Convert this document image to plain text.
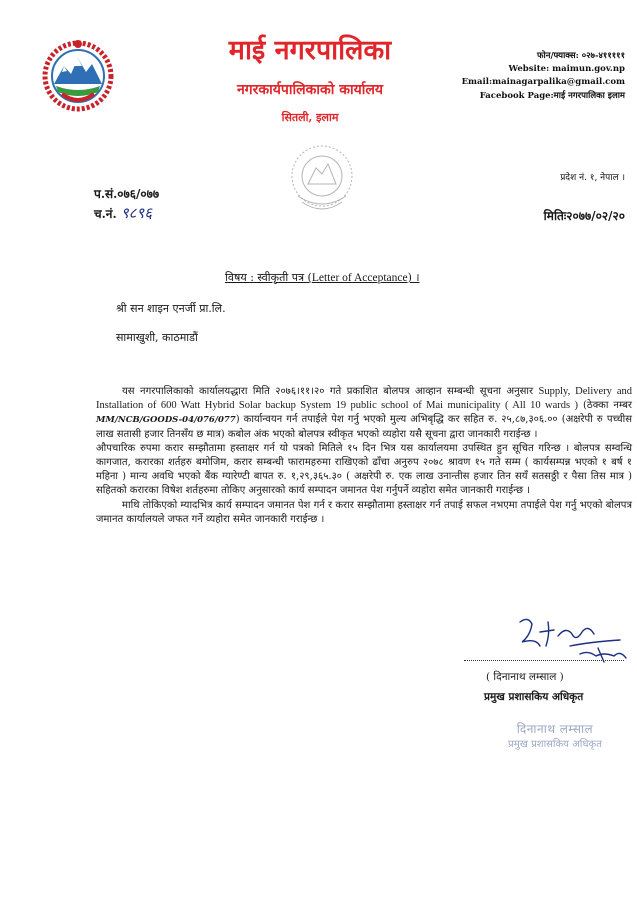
माई नगरपालिका
नगरकार्यपालिकाको कार्यालय
सितली, इलाम
फोन/फ्याक्स: ०२७-४१११११
Website: maimun.gov.np
Email:mainagarpalika@gmail.com
Facebook Page:माई नगरपालिका इलाम
प्रदेश नं. १, नेपाल ।
प.सं.०७६/०७७
च.नं. ९८९६	मितिः२०७७/०२/२०
विषय : स्वीकृती पत्र (Letter of Acceptance) ।
श्री सन शाइन एनर्जी प्रा.लि.
सामाखुशी, काठमाडौं

यस नगरपालिकाको कार्यालयद्धारा मिति २०७६।११।२० गते प्रकाशित बोलपत्र आव्हान सम्बन्धी सूचना अनुसार Supply, Delivery and Installation of 600 Watt Hybrid Solar backup System 19 public school of Mai municipality ( All 10 wards ) (ठेक्का नम्बर MM/NCB/GOODS-04/076/077) कार्यान्वयन गर्न तपाईले पेश गर्नु भएको मुल्य अभिबृद्धि कर सहित रु. २५,८७,३०६.०० (अक्षरेपी रु पच्चीस लाख सतासी हजार तिनसँय छ मात्र) कबोल अंक भएको बोलपत्र स्वीकृत भएको व्यहोरा यसै सूचना द्वारा जानकारी गराईन्छ ।

औपचारिक रुपमा करार सम्झौतामा हस्ताक्षर गर्न यो पत्रको मितिले १५ दिन भित्र यस कार्यालयमा उपस्थित हुन सूचित गरिन्छ । बोलपत्र सम्वन्धि कागजात, करारका शर्तहरु बमोजिम, करार सम्बन्धी फारामहरुमा राखिएको ढाँचा अनुरुप २०७८ श्रावण १५ गते सम्म ( कार्यसम्पन्न भएको १ बर्ष १ महिना ) मान्य अवधि भएको बैंक ग्यारेण्टी बापत रु. १,२९,३६५.३० ( अक्षरेपी रु. एक लाख उनान्तीस हजार तिन सयँ सतसठ्ठी र पैसा तिस मात्र ) सहितको करारका विषेश शर्तहरुमा तोकिए अनुसारको कार्य सम्पादन जमानत पेश गर्नुपर्ने व्यहोरा समेत जानकारी गराईन्छ ।

माथि तोकिएको म्यादभित्र कार्य सम्पादन जमानत पेश गर्न र करार सम्झौतामा हस्ताक्षर गर्न तपाई सफल नभएमा तपाईले पेश गर्नु भएको बोलपत्र जमानत कार्यालयले जफत गर्ने व्यहोरा समेत जानकारी गराईन्छ ।

( दिनानाथ लम्साल )
प्रमुख प्रशासकिय अधिकृत
दिनानाथ लम्साल
प्रमुख प्रशासकिय अधिकृत
